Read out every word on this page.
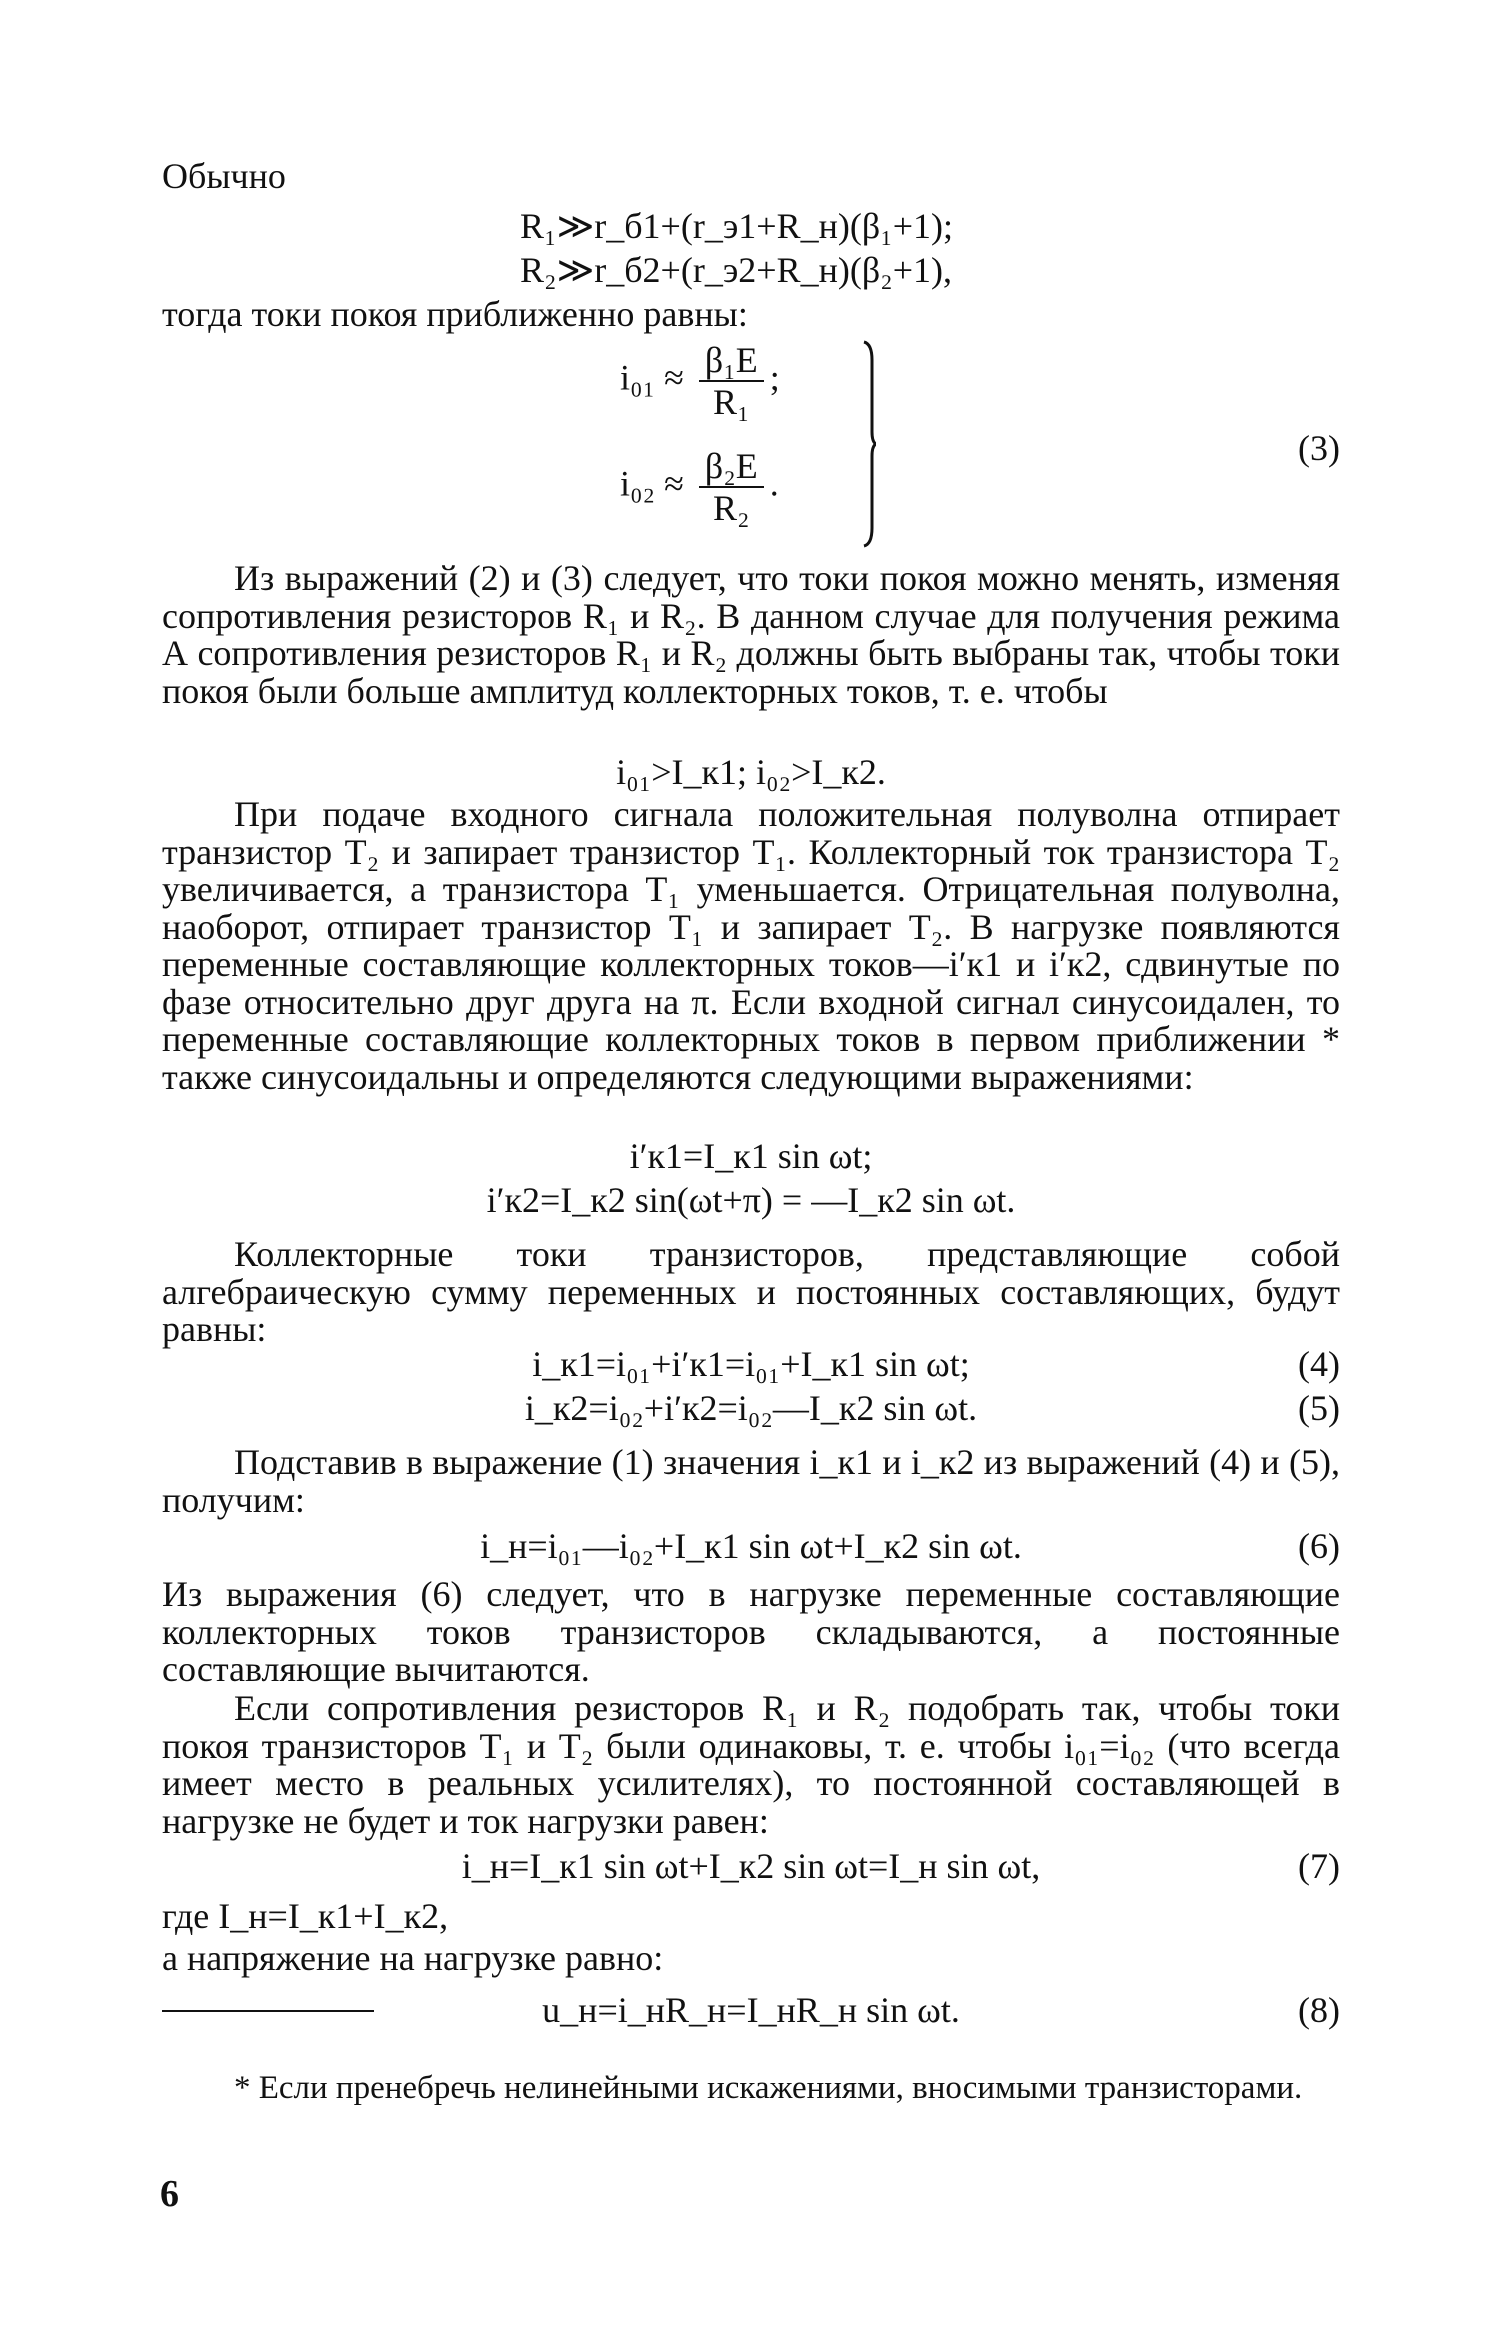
Обычно
R₁≫r_б1+(r_э1+R_н)(β₁+1);
R₂≫r_б2+(r_э2+R_н)(β₂+1),
тогда токи покоя приближенно равны:
$i_{01} \approx \frac{\text{β₁E}}{\text{R₁}}$ ;
$i_{02} \approx \frac{\text{β₂E}}{\text{R₂}}$ .
(3)

Из выражений (2) и (3) следует, что токи покоя можно менять, изменяя сопротивления резисторов R₁ и R₂. В данном случае для получения режима А сопротивления резисторов R₁ и R₂ должны быть выбраны так, чтобы токи покоя были больше амплитуд коллекторных токов, т. е. чтобы

i₀₁>I_к1; i₀₂>I_к2.

При подаче входного сигнала положительная полуволна отпирает транзистор T₂ и запирает транзистор T₁. Коллекторный ток транзистора T₂ увеличивается, а транзистора T₁ уменьшается. Отрицательная полуволна, наоборот, отпирает транзистор T₁ и запирает T₂. В нагрузке появляются переменные составляющие коллекторных токов—i′к1 и i′к2, сдвинутые по фазе относительно друг друга на π. Если входной сигнал синусоидален, то переменные составляющие коллекторных токов в первом приближении * также синусоидальны и определяются следующими выражениями:

i′к1=I_к1 sin ωt;
i′к2=I_к2 sin(ωt+π) = —I_к2 sin ωt.

Коллекторные токи транзисторов, представляющие собой алгебраическую сумму переменных и постоянных составляющих, будут равны:

i_к1=i₀₁+i′к1=i₀₁+I_к1 sin ωt;	(4)
i_к2=i₀₂+i′к2=i₀₂—I_к2 sin ωt.	(5)

Подставив в выражение (1) значения i_к1 и i_к2 из выражений (4) и (5), получим:

i_н=i₀₁—i₀₂+I_к1 sin ωt+I_к2 sin ωt.	(6)

Из выражения (6) следует, что в нагрузке переменные составляющие коллекторных токов транзисторов складываются, а постоянные составляющие вычитаются.

Если сопротивления резисторов R₁ и R₂ подобрать так, чтобы токи покоя транзисторов T₁ и T₂ были одинаковы, т. е. чтобы i₀₁=i₀₂ (что всегда имеет место в реальных усилителях), то постоянной составляющей в нагрузке не будет и ток нагрузки равен:

i_н=I_к1 sin ωt+I_к2 sin ωt=I_н sin ωt,	(7)
где I_н=I_к1+I_к2,
а напряжение на нагрузке равно:
u_н=i_нR_н=I_нR_н sin ωt.	(8)

* Если пренебречь нелинейными искажениями, вносимыми транзисторами.

6
